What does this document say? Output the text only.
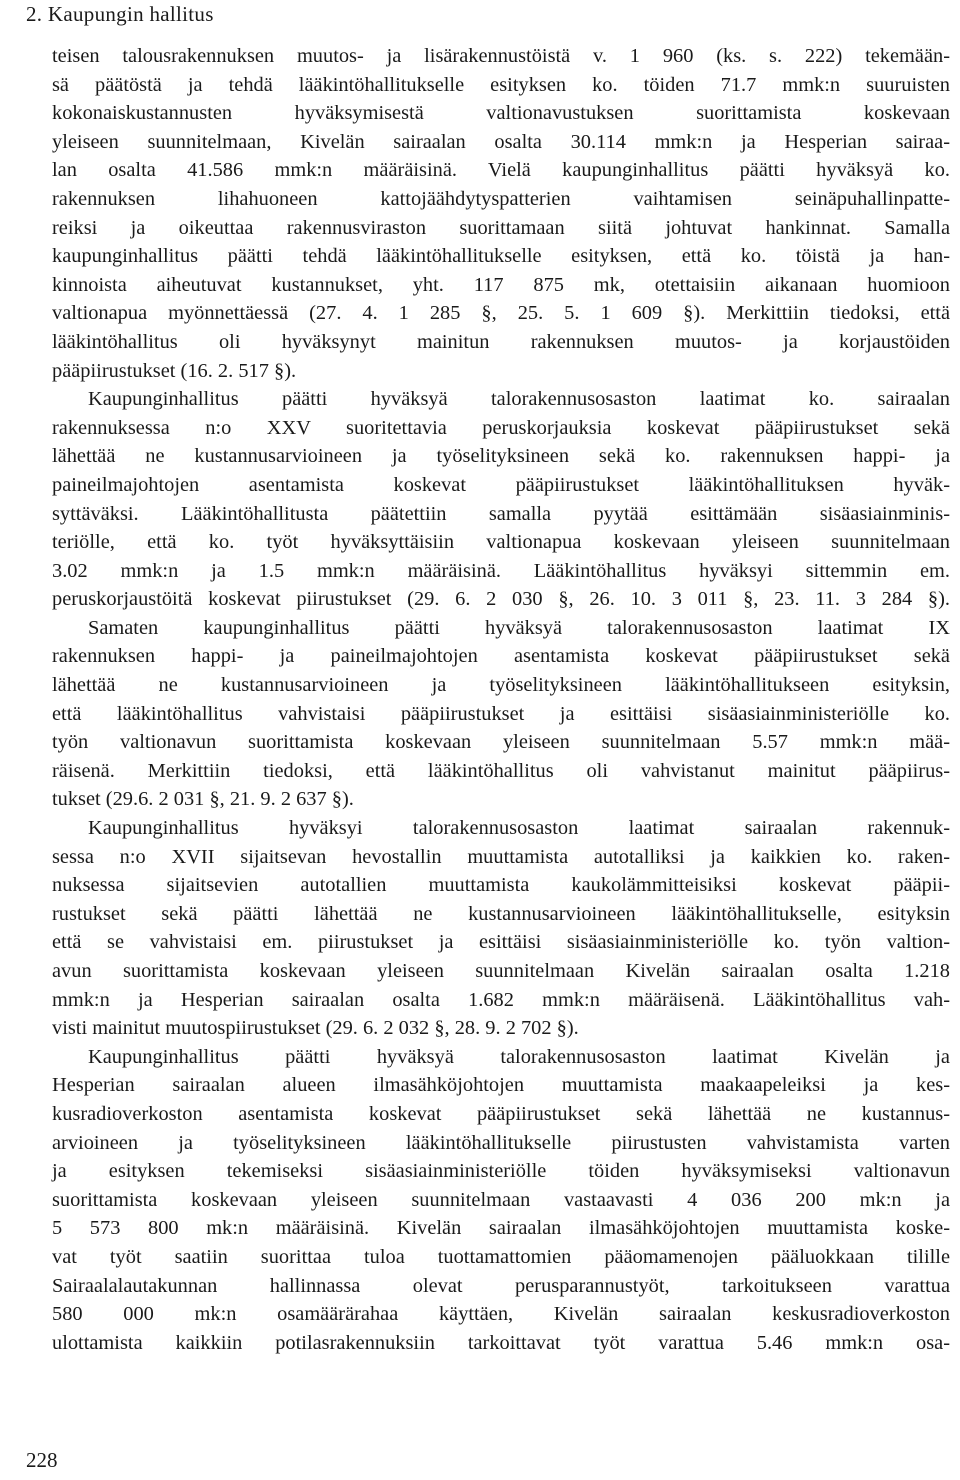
2. Kaupungin hallitus
teisen talousrakennuksen muutos- ja lisärakennustöistä v. 1 960 (ks. s. 222) tekemään-
sä päätöstä ja tehdä lääkintöhallitukselle esityksen ko. töiden 71.7 mmk:n suuruisten
kokonaiskustannusten hyväksymisestä valtionavustuksen suorittamista koskevaan
yleiseen suunnitelmaan, Kivelän sairaalan osalta 30.114 mmk:n ja Hesperian sairaa-
lan osalta 41.586 mmk:n määräisinä. Vielä kaupunginhallitus päätti hyväksyä ko.
rakennuksen lihahuoneen kattojäähdytyspatterien vaihtamisen seinäpuhallinpatte-
reiksi ja oikeuttaa rakennusviraston suorittamaan siitä johtuvat hankinnat. Samalla
kaupunginhallitus päätti tehdä lääkintöhallitukselle esityksen, että ko. töistä ja han-
kinnoista aiheutuvat kustannukset, yht. 117 875 mk, otettaisiin aikanaan huomioon
valtionapua myönnettäessä (27. 4. 1 285 §, 25. 5. 1 609 §). Merkittiin tiedoksi, että
lääkintöhallitus oli hyväksynyt mainitun rakennuksen muutos- ja korjaustöiden
pääpiirustukset (16. 2. 517 §).
Kaupunginhallitus päätti hyväksyä talorakennusosaston laatimat ko. sairaalan
rakennuksessa n:o XXV suoritettavia peruskorjauksia koskevat pääpiirustukset sekä
lähettää ne kustannusarvioineen ja työselityksineen sekä ko. rakennuksen happi- ja
paineilmajohtojen asentamista koskevat pääpiirustukset lääkintöhallituksen hyväk-
syttäväksi. Lääkintöhallitusta päätettiin samalla pyytää esittämään sisäasiainminis-
teriölle, että ko. työt hyväksyttäisiin valtionapua koskevaan yleiseen suunnitelmaan
3.02 mmk:n ja 1.5 mmk:n määräisinä. Lääkintöhallitus hyväksyi sittemmin em.
peruskorjaustöitä koskevat piirustukset (29. 6. 2 030 §, 26. 10. 3 011 §, 23. 11. 3 284 §).
Samaten kaupunginhallitus päätti hyväksyä talorakennusosaston laatimat IX
rakennuksen happi- ja paineilmajohtojen asentamista koskevat pääpiirustukset sekä
lähettää ne kustannusarvioineen ja työselityksineen lääkintöhallitukseen esityksin,
että lääkintöhallitus vahvistaisi pääpiirustukset ja esittäisi sisäasiainministeriölle ko.
työn valtionavun suorittamista koskevaan yleiseen suunnitelmaan 5.57 mmk:n mää-
räisenä. Merkittiin tiedoksi, että lääkintöhallitus oli vahvistanut mainitut pääpiirus-
tukset (29.6. 2 031 §, 21. 9. 2 637 §).
Kaupunginhallitus hyväksyi talorakennusosaston laatimat sairaalan rakennuk-
sessa n:o XVII sijaitsevan hevostallin muuttamista autotalliksi ja kaikkien ko. raken-
nuksessa sijaitsevien autotallien muuttamista kaukolämmitteisiksi koskevat pääpii-
rustukset sekä päätti lähettää ne kustannusarvioineen lääkintöhallitukselle, esityksin
että se vahvistaisi em. piirustukset ja esittäisi sisäasiainministeriölle ko. työn valtion-
avun suorittamista koskevaan yleiseen suunnitelmaan Kivelän sairaalan osalta 1.218
mmk:n ja Hesperian sairaalan osalta 1.682 mmk:n määräisenä. Lääkintöhallitus vah-
visti mainitut muutospiirustukset (29. 6. 2 032 §, 28. 9. 2 702 §).
Kaupunginhallitus päätti hyväksyä talorakennusosaston laatimat Kivelän ja
Hesperian sairaalan alueen ilmasähköjohtojen muuttamista maakaapeleiksi ja kes-
kusradioverkoston asentamista koskevat pääpiirustukset sekä lähettää ne kustannus-
arvioineen ja työselityksineen lääkintöhallitukselle piirustusten vahvistamista varten
ja esityksen tekemiseksi sisäasiainministeriölle töiden hyväksymiseksi valtionavun
suorittamista koskevaan yleiseen suunnitelmaan vastaavasti 4 036 200 mk:n ja
5 573 800 mk:n määräisinä. Kivelän sairaalan ilmasähköjohtojen muuttamista koske-
vat työt saatiin suorittaa tuloa tuottamattomien pääomamenojen pääluokkaan tilille
Sairaalalautakunnan hallinnassa olevat perusparannustyöt, tarkoitukseen varattua
580 000 mk:n osamäärärahaa käyttäen, Kivelän sairaalan keskusradioverkoston
ulottamista kaikkiin potilasrakennuksiin tarkoittavat työt varattua 5.46 mmk:n osa-
228
